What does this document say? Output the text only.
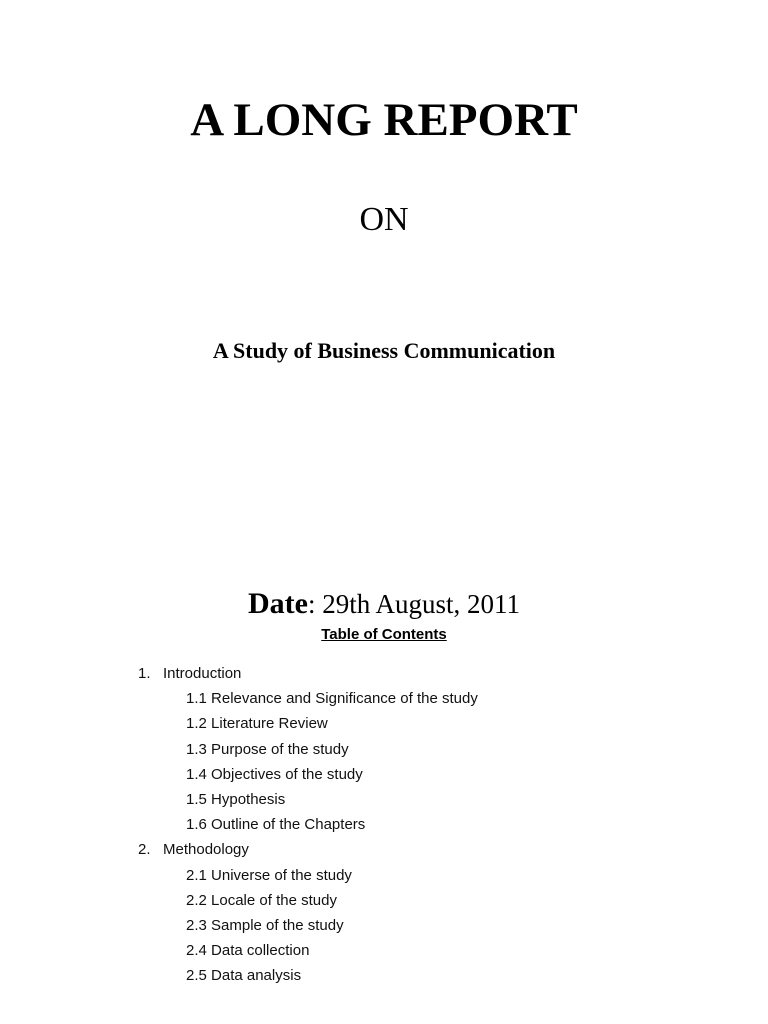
A LONG REPORT
ON
A Study of Business Communication
Date: 29th August, 2011
Table of Contents
1. Introduction
1.1 Relevance and Significance of the study
1.2 Literature Review
1.3 Purpose of the study
1.4 Objectives of the study
1.5 Hypothesis
1.6 Outline of the Chapters
2. Methodology
2.1 Universe of the study
2.2 Locale of the study
2.3 Sample of the study
2.4 Data collection
2.5 Data analysis
